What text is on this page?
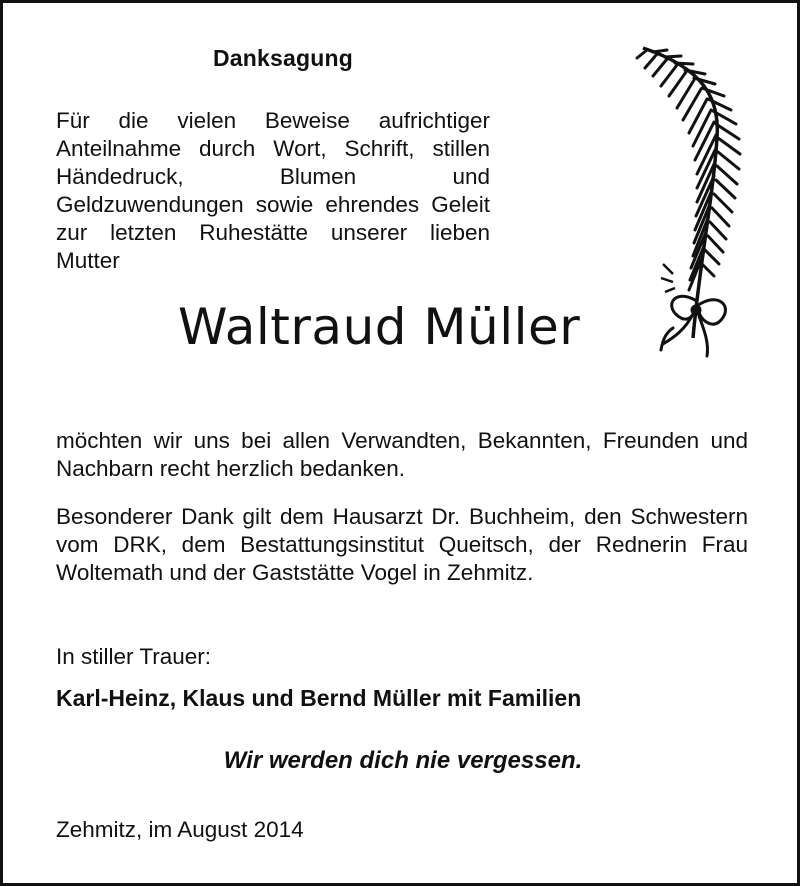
Danksagung
Für die vielen Beweise aufrichtiger Anteilnahme durch Wort, Schrift, stillen Händedruck, Blumen und Geldzuwendungen sowie ehrendes Geleit zur letzten Ruhestätte unserer lieben Mutter
Waltraud Müller
möchten wir uns bei allen Verwandten, Bekannten, Freunden und Nachbarn recht herzlich bedanken.
Besonderer Dank gilt dem Hausarzt Dr. Buchheim, den Schwestern vom DRK, dem Bestattungsinstitut Queitsch, der Rednerin Frau Woltemath und der Gaststätte Vogel in Zehmitz.
In stiller Trauer:
Karl-Heinz, Klaus und Bernd Müller mit Familien
Wir werden dich nie vergessen.
Zehmitz, im August 2014
